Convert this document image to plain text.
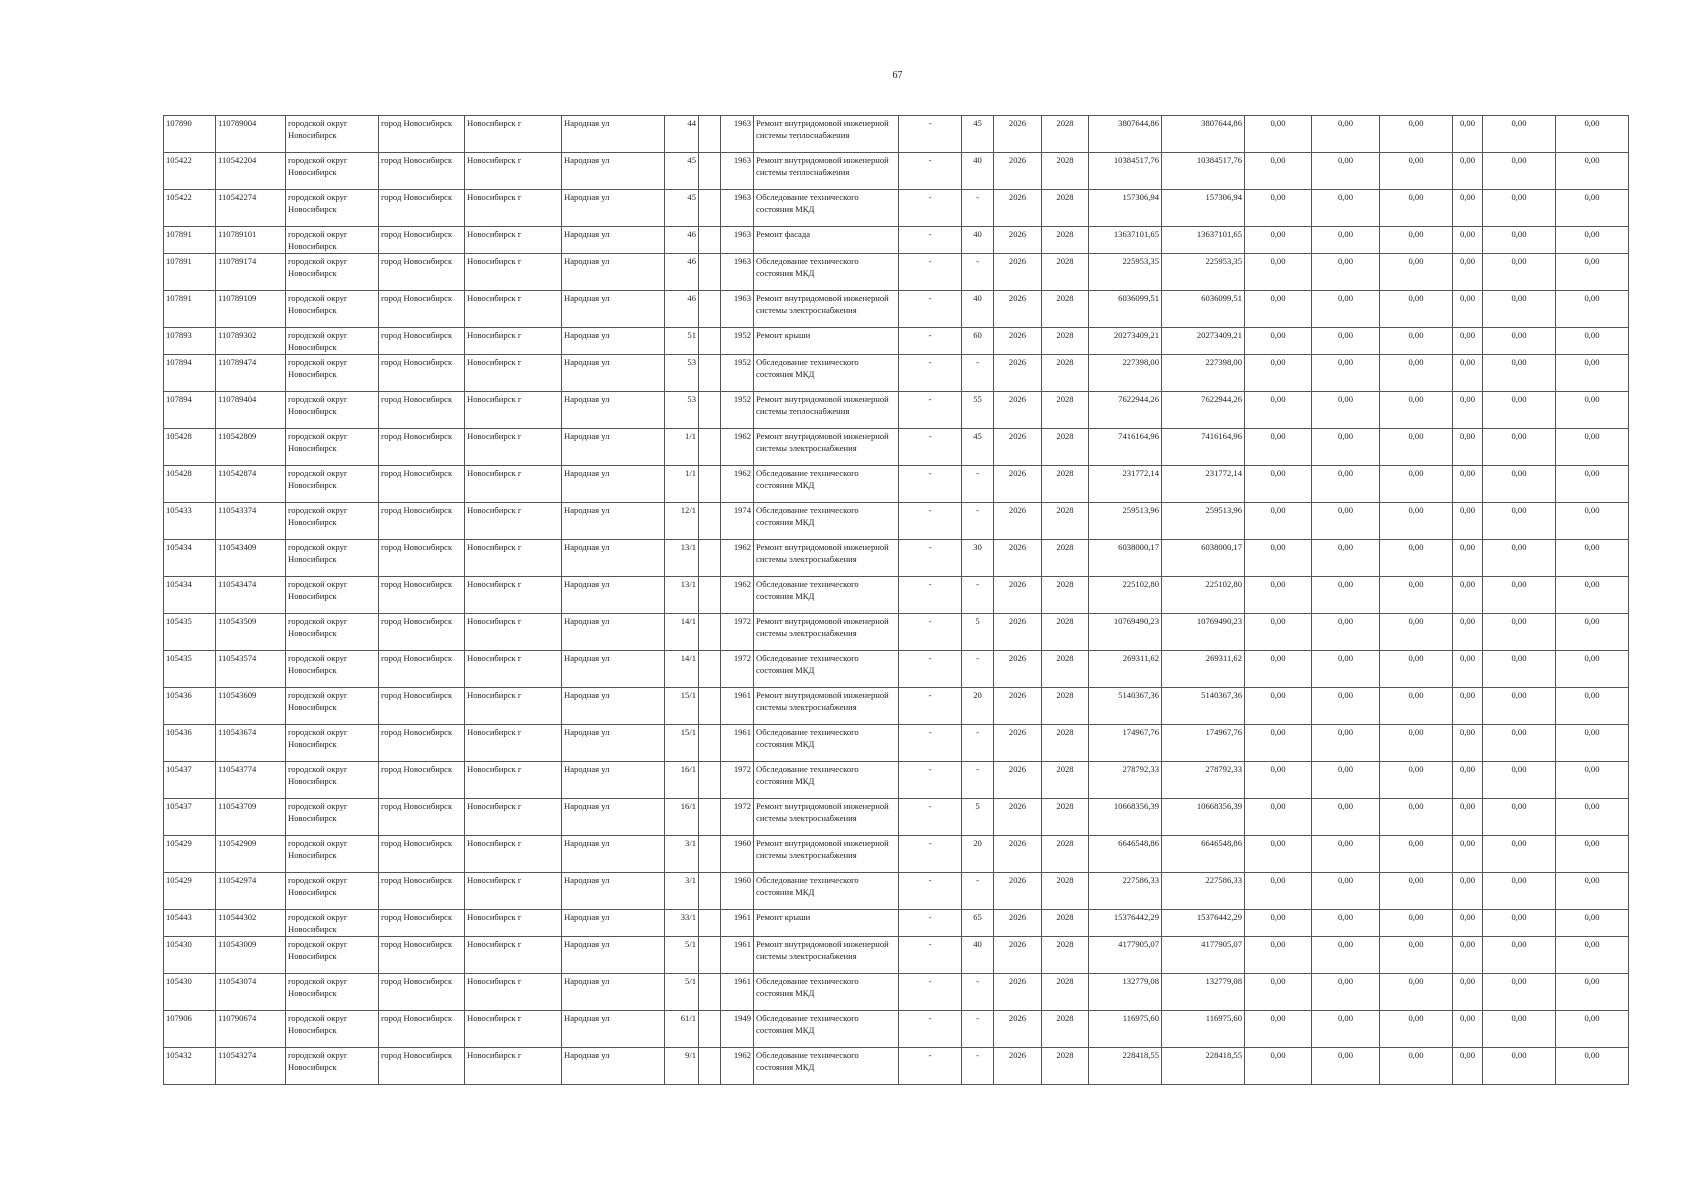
67
107890	110789004	городской округ Новосибирск	город Новосибирск	Новосибирск г	Народная ул	44		1963	Ремонт внутридомовой инженерной системы теплоснабжения	-	45	2026	2028	3807644,86	3807644,86	0,00	0,00	0,00	0,00	0,00	0,00
105422	110542204	городской округ Новосибирск	город Новосибирск	Новосибирск г	Народная ул	45		1963	Ремонт внутридомовой инженерной системы теплоснабжения	-	40	2026	2028	10384517,76	10384517,76	0,00	0,00	0,00	0,00	0,00	0,00
105422	110542274	городской округ Новосибирск	город Новосибирск	Новосибирск г	Народная ул	45		1963	Обследование технического состояния МКД	-	-	2026	2028	157306,94	157306,94	0,00	0,00	0,00	0,00	0,00	0,00
107891	110789101	городской округ Новосибирск	город Новосибирск	Новосибирск г	Народная ул	46		1963	Ремонт фасада	-	40	2026	2028	13637101,65	13637101,65	0,00	0,00	0,00	0,00	0,00	0,00
107891	110789174	городской округ Новосибирск	город Новосибирск	Новосибирск г	Народная ул	46		1963	Обследование технического состояния МКД	-	-	2026	2028	225953,35	225953,35	0,00	0,00	0,00	0,00	0,00	0,00
107891	110789109	городской округ Новосибирск	город Новосибирск	Новосибирск г	Народная ул	46		1963	Ремонт внутридомовой инженерной системы электроснабжения	-	40	2026	2028	6036099,51	6036099,51	0,00	0,00	0,00	0,00	0,00	0,00
107893	110789302	городской округ Новосибирск	город Новосибирск	Новосибирск г	Народная ул	51		1952	Ремонт крыши	-	60	2026	2028	20273409,21	20273409,21	0,00	0,00	0,00	0,00	0,00	0,00
107894	110789474	городской округ Новосибирск	город Новосибирск	Новосибирск г	Народная ул	53		1952	Обследование технического состояния МКД	-	-	2026	2028	227398,00	227398,00	0,00	0,00	0,00	0,00	0,00	0,00
107894	110789404	городской округ Новосибирск	город Новосибирск	Новосибирск г	Народная ул	53		1952	Ремонт внутридомовой инженерной системы теплоснабжения	-	55	2026	2028	7622944,26	7622944,26	0,00	0,00	0,00	0,00	0,00	0,00
105428	110542809	городской округ Новосибирск	город Новосибирск	Новосибирск г	Народная ул	1/1		1962	Ремонт внутридомовой инженерной системы электроснабжения	-	45	2026	2028	7416164,96	7416164,96	0,00	0,00	0,00	0,00	0,00	0,00
105428	110542874	городской округ Новосибирск	город Новосибирск	Новосибирск г	Народная ул	1/1		1962	Обследование технического состояния МКД	-	-	2026	2028	231772,14	231772,14	0,00	0,00	0,00	0,00	0,00	0,00
105433	110543374	городской округ Новосибирск	город Новосибирск	Новосибирск г	Народная ул	12/1		1974	Обследование технического состояния МКД	-	-	2026	2028	259513,96	259513,96	0,00	0,00	0,00	0,00	0,00	0,00
105434	110543409	городской округ Новосибирск	город Новосибирск	Новосибирск г	Народная ул	13/1		1962	Ремонт внутридомовой инженерной системы электроснабжения	-	30	2026	2028	6038000,17	6038000,17	0,00	0,00	0,00	0,00	0,00	0,00
105434	110543474	городской округ Новосибирск	город Новосибирск	Новосибирск г	Народная ул	13/1		1962	Обследование технического состояния МКД	-	-	2026	2028	225102,80	225102,80	0,00	0,00	0,00	0,00	0,00	0,00
105435	110543509	городской округ Новосибирск	город Новосибирск	Новосибирск г	Народная ул	14/1		1972	Ремонт внутридомовой инженерной системы электроснабжения	-	5	2026	2028	10769490,23	10769490,23	0,00	0,00	0,00	0,00	0,00	0,00
105435	110543574	городской округ Новосибирск	город Новосибирск	Новосибирск г	Народная ул	14/1		1972	Обследование технического состояния МКД	-	-	2026	2028	269311,62	269311,62	0,00	0,00	0,00	0,00	0,00	0,00
105436	110543609	городской округ Новосибирск	город Новосибирск	Новосибирск г	Народная ул	15/1		1961	Ремонт внутридомовой инженерной системы электроснабжения	-	20	2026	2028	5140367,36	5140367,36	0,00	0,00	0,00	0,00	0,00	0,00
105436	110543674	городской округ Новосибирск	город Новосибирск	Новосибирск г	Народная ул	15/1		1961	Обследование технического состояния МКД	-	-	2026	2028	174967,76	174967,76	0,00	0,00	0,00	0,00	0,00	0,00
105437	110543774	городской округ Новосибирск	город Новосибирск	Новосибирск г	Народная ул	16/1		1972	Обследование технического состояния МКД	-	-	2026	2028	278792,33	278792,33	0,00	0,00	0,00	0,00	0,00	0,00
105437	110543709	городской округ Новосибирск	город Новосибирск	Новосибирск г	Народная ул	16/1		1972	Ремонт внутридомовой инженерной системы электроснабжения	-	5	2026	2028	10668356,39	10668356,39	0,00	0,00	0,00	0,00	0,00	0,00
105429	110542909	городской округ Новосибирск	город Новосибирск	Новосибирск г	Народная ул	3/1		1960	Ремонт внутридомовой инженерной системы электроснабжения	-	20	2026	2028	6646548,86	6646548,86	0,00	0,00	0,00	0,00	0,00	0,00
105429	110542974	городской округ Новосибирск	город Новосибирск	Новосибирск г	Народная ул	3/1		1960	Обследование технического состояния МКД	-	-	2026	2028	227586,33	227586,33	0,00	0,00	0,00	0,00	0,00	0,00
105443	110544302	городской округ Новосибирск	город Новосибирск	Новосибирск г	Народная ул	33/1		1961	Ремонт крыши	-	65	2026	2028	15376442,29	15376442,29	0,00	0,00	0,00	0,00	0,00	0,00
105430	110543009	городской округ Новосибирск	город Новосибирск	Новосибирск г	Народная ул	5/1		1961	Ремонт внутридомовой инженерной системы электроснабжения	-	40	2026	2028	4177905,07	4177905,07	0,00	0,00	0,00	0,00	0,00	0,00
105430	110543074	городской округ Новосибирск	город Новосибирск	Новосибирск г	Народная ул	5/1		1961	Обследование технического состояния МКД	-	-	2026	2028	132779,08	132779,08	0,00	0,00	0,00	0,00	0,00	0,00
107906	110790674	городской округ Новосибирск	город Новосибирск	Новосибирск г	Народная ул	61/1		1949	Обследование технического состояния МКД	-	-	2026	2028	116975,60	116975,60	0,00	0,00	0,00	0,00	0,00	0,00
105432	110543274	городской округ Новосибирск	город Новосибирск	Новосибирск г	Народная ул	9/1		1962	Обследование технического состояния МКД	-	-	2026	2028	228418,55	228418,55	0,00	0,00	0,00	0,00	0,00	0,00
